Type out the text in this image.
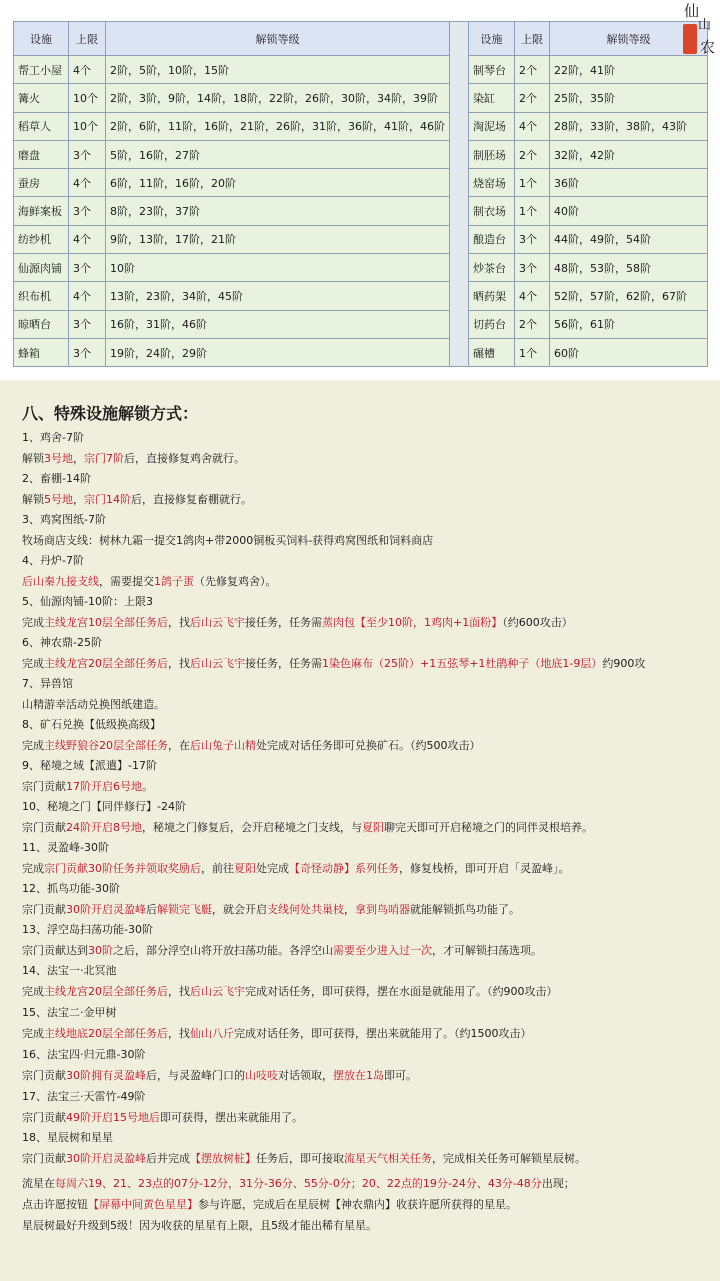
设施	上限	解锁等级
帮工小屋	4个	2阶，5阶，10阶，15阶
篝火	10个	2阶，3阶，9阶，14阶，18阶，22阶，26阶，30阶，34阶，39阶
稻草人	10个	2阶，6阶，11阶，16阶，21阶，26阶，31阶，36阶，41阶，46阶
磨盘	3个	5阶，16阶，27阶
蚕房	4个	6阶，11阶，16阶，20阶
海鲜案板	3个	8阶，23阶，37阶
纺纱机	4个	9阶，13阶，17阶，21阶
仙源肉铺	3个	10阶
织布机	4个	13阶，23阶，34阶，45阶
晾晒台	3个	16阶，31阶，46阶
蜂箱	3个	19阶，24阶，29阶
设施	上限	解锁等级
制琴台	2个	22阶，41阶
染缸	2个	25阶，35阶
淘泥场	4个	28阶，33阶，38阶，43阶
制胚场	2个	32阶，42阶
烧窑场	1个	36阶
制衣场	1个	40阶
酿造台	3个	44阶，49阶，54阶
炒茶台	3个	48阶，53阶，58阶
晒药架	4个	52阶，57阶，62阶，67阶
切药台	2个	56阶，61阶
碾槽	1个	60阶
仙
山
农
八、特殊设施解锁方式：
1、鸡舍-7阶
解锁3号地，宗门7阶后，直接修复鸡舍就行。
2、畜棚-14阶
解锁5号地，宗门14阶后，直接修复畜棚就行。
3、鸡窝图纸-7阶
牧场商店支线：树林九霜一提交1鸽肉+带2000铜板买饲料-获得鸡窝图纸和饲料商店
4、丹炉-7阶
后山秦九接支线，需要提交1鸽子蛋（先修复鸡舍）。
5、仙源肉铺-10阶：上限3
完成主线龙宫10层全部任务后，找后山云飞宇接任务，任务需蒸肉包【至少10阶，1鸡肉+1面粉】（约600攻击）
6、神农鼎-25阶
完成主线龙宫20层全部任务后，找后山云飞宇接任务，任务需1染色麻布（25阶）+1五弦琴+1杜鹃种子（地底1-9层）约900攻
7、异兽馆
山精游幸活动兑换图纸建造。
8、矿石兑换【低级换高级】
完成主线野狼谷20层全部任务，在后山兔子山精处完成对话任务即可兑换矿石。（约500攻击）
9、秘境之域【派遣】-17阶
宗门贡献17阶开启6号地。
10、秘境之门【同伴修行】-24阶
宗门贡献24阶开启8号地，秘境之门修复后，会开启秘境之门支线，与夏阳聊完天即可开启秘境之门的同伴灵根培养。
11、灵盈峰-30阶
完成宗门贡献30阶任务并领取奖励后，前往夏阳处完成【奇怪动静】系列任务，修复栈桥，即可开启「灵盈峰」。
12、抓鸟功能-30阶
宗门贡献30阶开启灵盈峰后解锁完飞艇，就会开启支线何处共巢枝，拿到鸟哨器就能解锁抓鸟功能了。
13、浮空岛扫荡功能-30阶
宗门贡献达到30阶之后，部分浮空山将开放扫荡功能。各浮空山需要至少进入过一次，才可解锁扫荡选项。
14、法宝一·北冥池
完成主线龙宫20层全部任务后，找后山云飞宇完成对话任务，即可获得，摆在水面是就能用了。（约900攻击）
15、法宝二·金甲树
完成主线地底20层全部任务后，找仙山八斤完成对话任务，即可获得，摆出来就能用了。（约1500攻击）
16、法宝四·归元鼎-30阶
宗门贡献30阶拥有灵盈峰后，与灵盈峰门口的山吱吱对话领取，摆放在1岛即可。
17、法宝三·天雷竹-49阶
宗门贡献49阶开启15号地后即可获得，摆出来就能用了。
18、星辰树和星星
宗门贡献30阶开启灵盈峰后并完成【摆放树桩】任务后，即可接取流星天气相关任务，完成相关任务可解锁星辰树。
流星在每周六19、21、23点的07分-12分，31分-36分、55分-0分；20、22点的19分-24分、43分-48分出现；
点击许愿按钮【屏幕中间黄色星星】参与许愿，完成后在星辰树【神农鼎内】收获许愿所获得的星星。
星辰树最好升级到5级！因为收获的星星有上限，且5级才能出稀有星星。
